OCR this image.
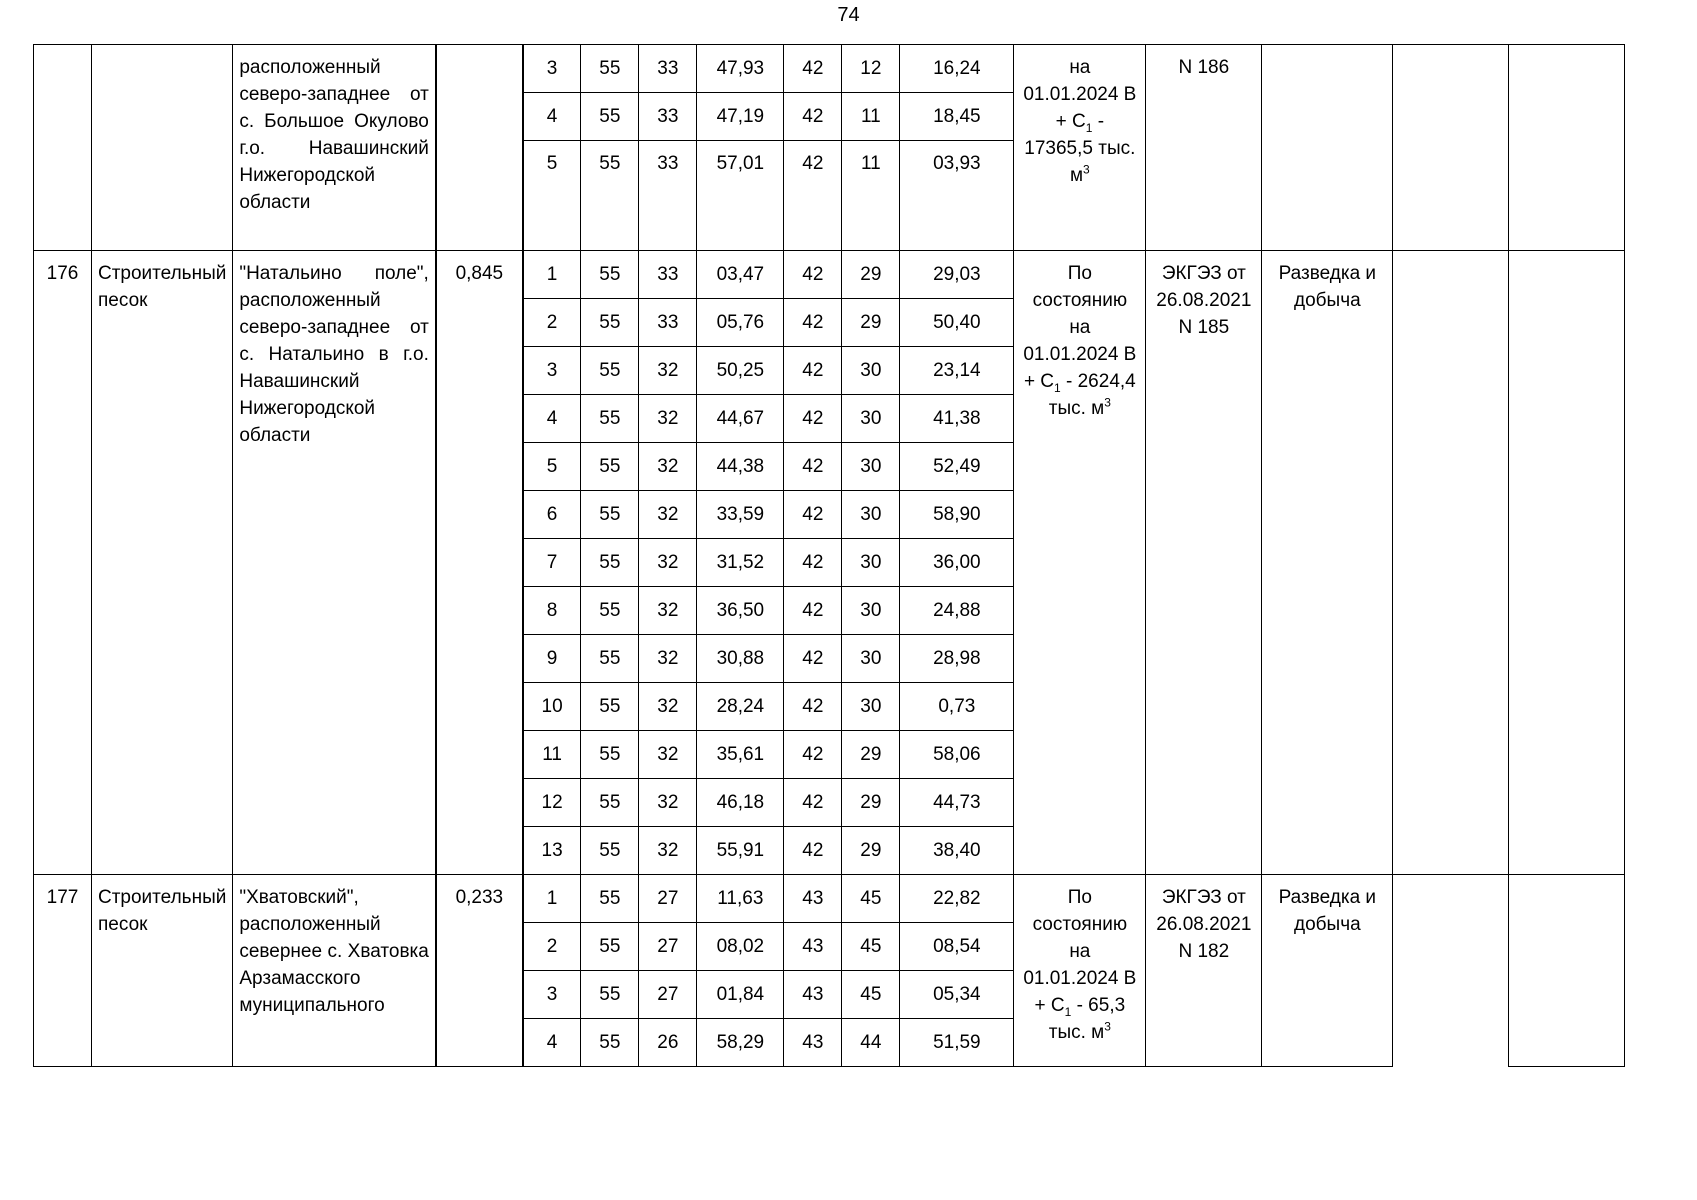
74
		расположенный северо-западнее от с. Большое Окулово г.о. Навашинский Нижегородской области		3	55	33	47,93	42	12	16,24	на 01.01.2024 $B + C_1 - 17365,5$ тыс. $м^3$	N 186			
				4	55	33	47,19	42	11	18,45					
				5	55	33	57,01	42	11	03,93					
176	Строительный песок	"Натальино поле", расположенный северо-западнее от с. Натальино в г.о. Навашинский Нижегородской области	0,845	1	55	33	03,47	42	29	29,03	По состоянию на 01.01.2024 $B + C_1 - 2624,4$ тыс. $м^3$	ЭКГЭЗ от 26.08.2021 N 185	Разведка и добыча		
				2	55	33	05,76	42	29	50,40					
				3	55	32	50,25	42	30	23,14					
				4	55	32	44,67	42	30	41,38					
				5	55	32	44,38	42	30	52,49					
				6	55	32	33,59	42	30	58,90					
				7	55	32	31,52	42	30	36,00					
				8	55	32	36,50	42	30	24,88					
				9	55	32	30,88	42	30	28,98					
				10	55	32	28,24	42	30	0,73					
				11	55	32	35,61	42	29	58,06					
				12	55	32	46,18	42	29	44,73					
				13	55	32	55,91	42	29	38,40					
177	Строительный песок	"Хватовский", расположенный севернее с. Хватовка Арзамасского муниципального	0,233	1	55	27	11,63	43	45	22,82	По состоянию на 01.01.2024 $B + C_1 - 65,3$ тыс. $м^3$	ЭКГЭЗ от 26.08.2021 N 182	Разведка и добыча		
				2	55	27	08,02	43	45	08,54					
				3	55	27	01,84	43	45	05,34					
				4	55	26	58,29	43	44	51,59					
